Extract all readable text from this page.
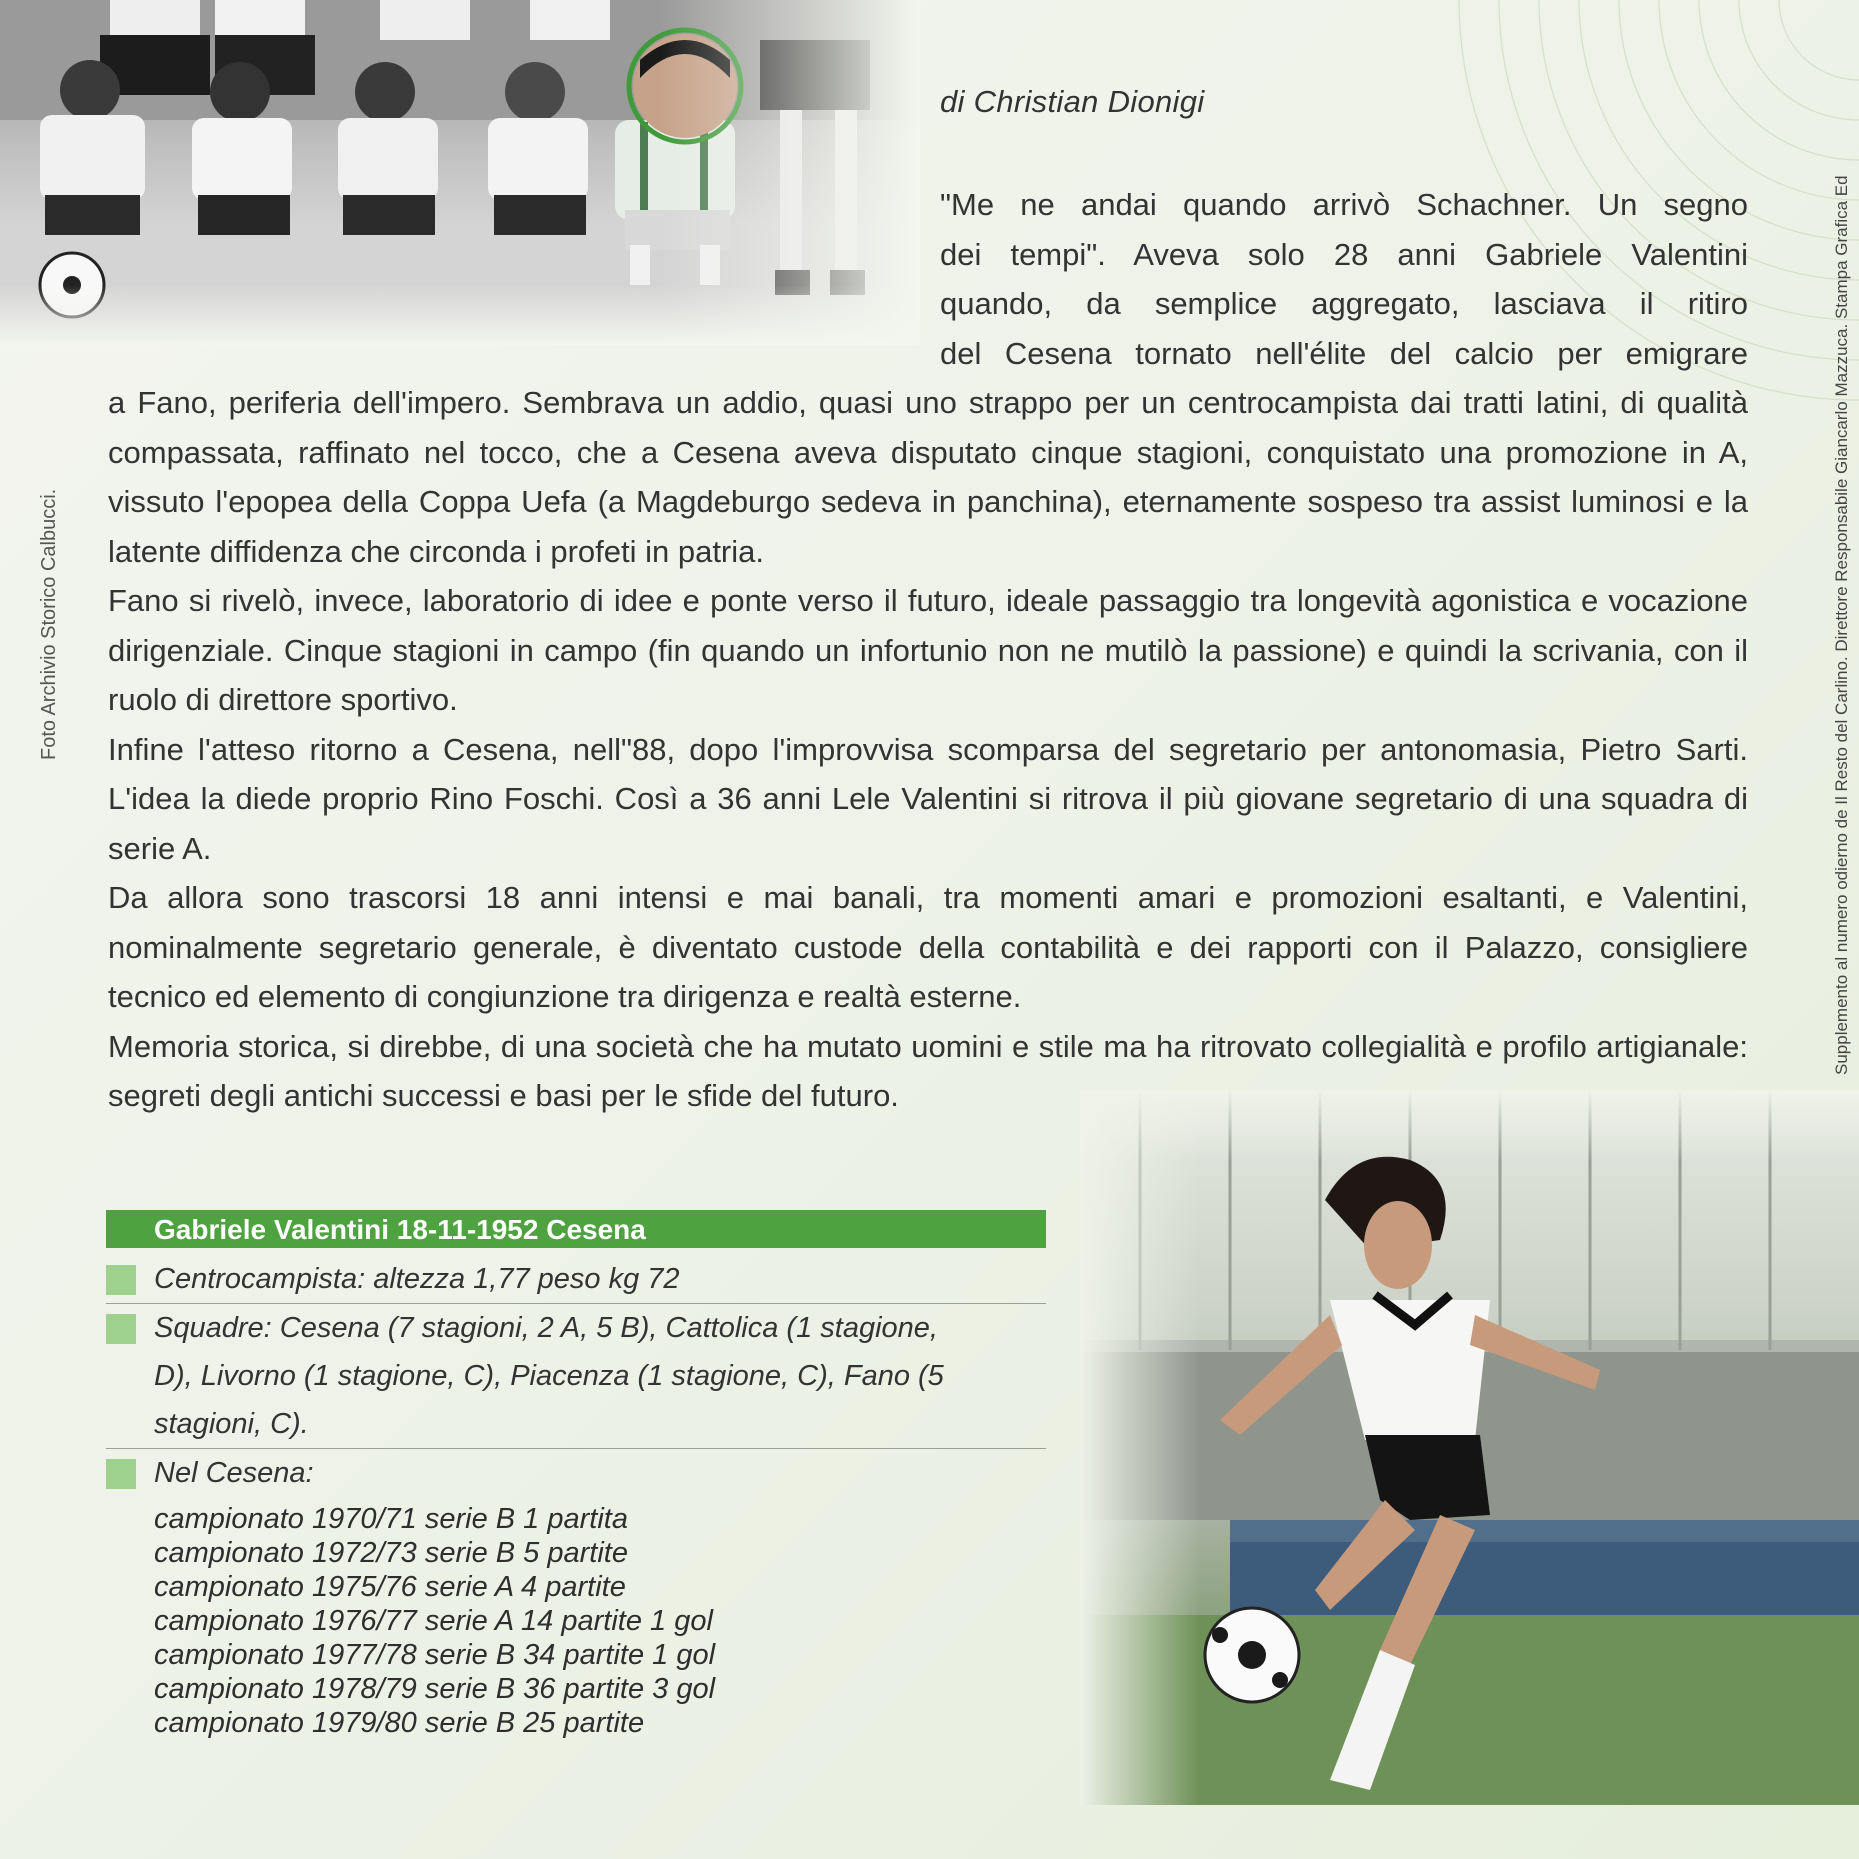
di Christian Dionigi
"Me ne andai quando arrivò Schachner. Un segno
dei tempi". Aveva solo 28 anni Gabriele Valentini
quando, da semplice aggregato, lasciava il ritiro
del Cesena tornato nell'élite del calcio per emigrare

a Fano, periferia dell'impero. Sembrava un addio, quasi uno strappo per un centrocampista dai tratti latini, di qualità compassata, raffinato nel tocco, che a Cesena aveva disputato cinque stagioni, conquistato una promozione in A, vissuto l'epopea della Coppa Uefa (a Magdeburgo sedeva in panchina), eternamente sospeso tra assist luminosi e la latente diffidenza che circonda i profeti in patria.

Fano si rivelò, invece, laboratorio di idee e ponte verso il futuro, ideale passaggio tra longevità agonistica e vocazione dirigenziale. Cinque stagioni in campo (fin quando un infortunio non ne mutilò la passione) e quindi la scrivania, con il ruolo di direttore sportivo.

Infine l'atteso ritorno a Cesena, nell"88, dopo l'improvvisa scomparsa del segretario per antonomasia, Pietro Sarti. L'idea la diede proprio Rino Foschi. Così a 36 anni Lele Valentini si ritrova il più giovane segretario di una squadra di serie A.

Da allora sono trascorsi 18 anni intensi e mai banali, tra momenti amari e promozioni esaltanti, e Valentini, nominalmente segretario generale, è diventato custode della contabilità e dei rapporti con il Palazzo, consigliere tecnico ed elemento di congiunzione tra dirigenza e realtà esterne.

Memoria storica, si direbbe, di una società che ha mutato uomini e stile ma ha ritrovato collegialità e profilo artigianale: segreti degli antichi successi e basi per le sfide del futuro.

Foto Archivio Storico Calbucci.	Supplemento al numero odierno de Il Resto del Carlino. Direttore Responsabile Giancarlo Mazzuca. Stampa Grafica Ed
Gabriele Valentini 18-11-1952 Cesena
Centrocampista: altezza 1,77 peso kg 72
Squadre: Cesena (7 stagioni, 2 A, 5 B), Cattolica (1 stagione,
D), Livorno (1 stagione, C), Piacenza (1 stagione, C), Fano (5
stagioni, C).
Nel Cesena:
campionato 1970/71 serie B 1 partita
campionato 1972/73 serie B 5 partite
campionato 1975/76 serie A 4 partite
campionato 1976/77 serie A 14 partite 1 gol
campionato 1977/78 serie B 34 partite 1 gol
campionato 1978/79 serie B 36 partite 3 gol
campionato 1979/80 serie B 25 partite
